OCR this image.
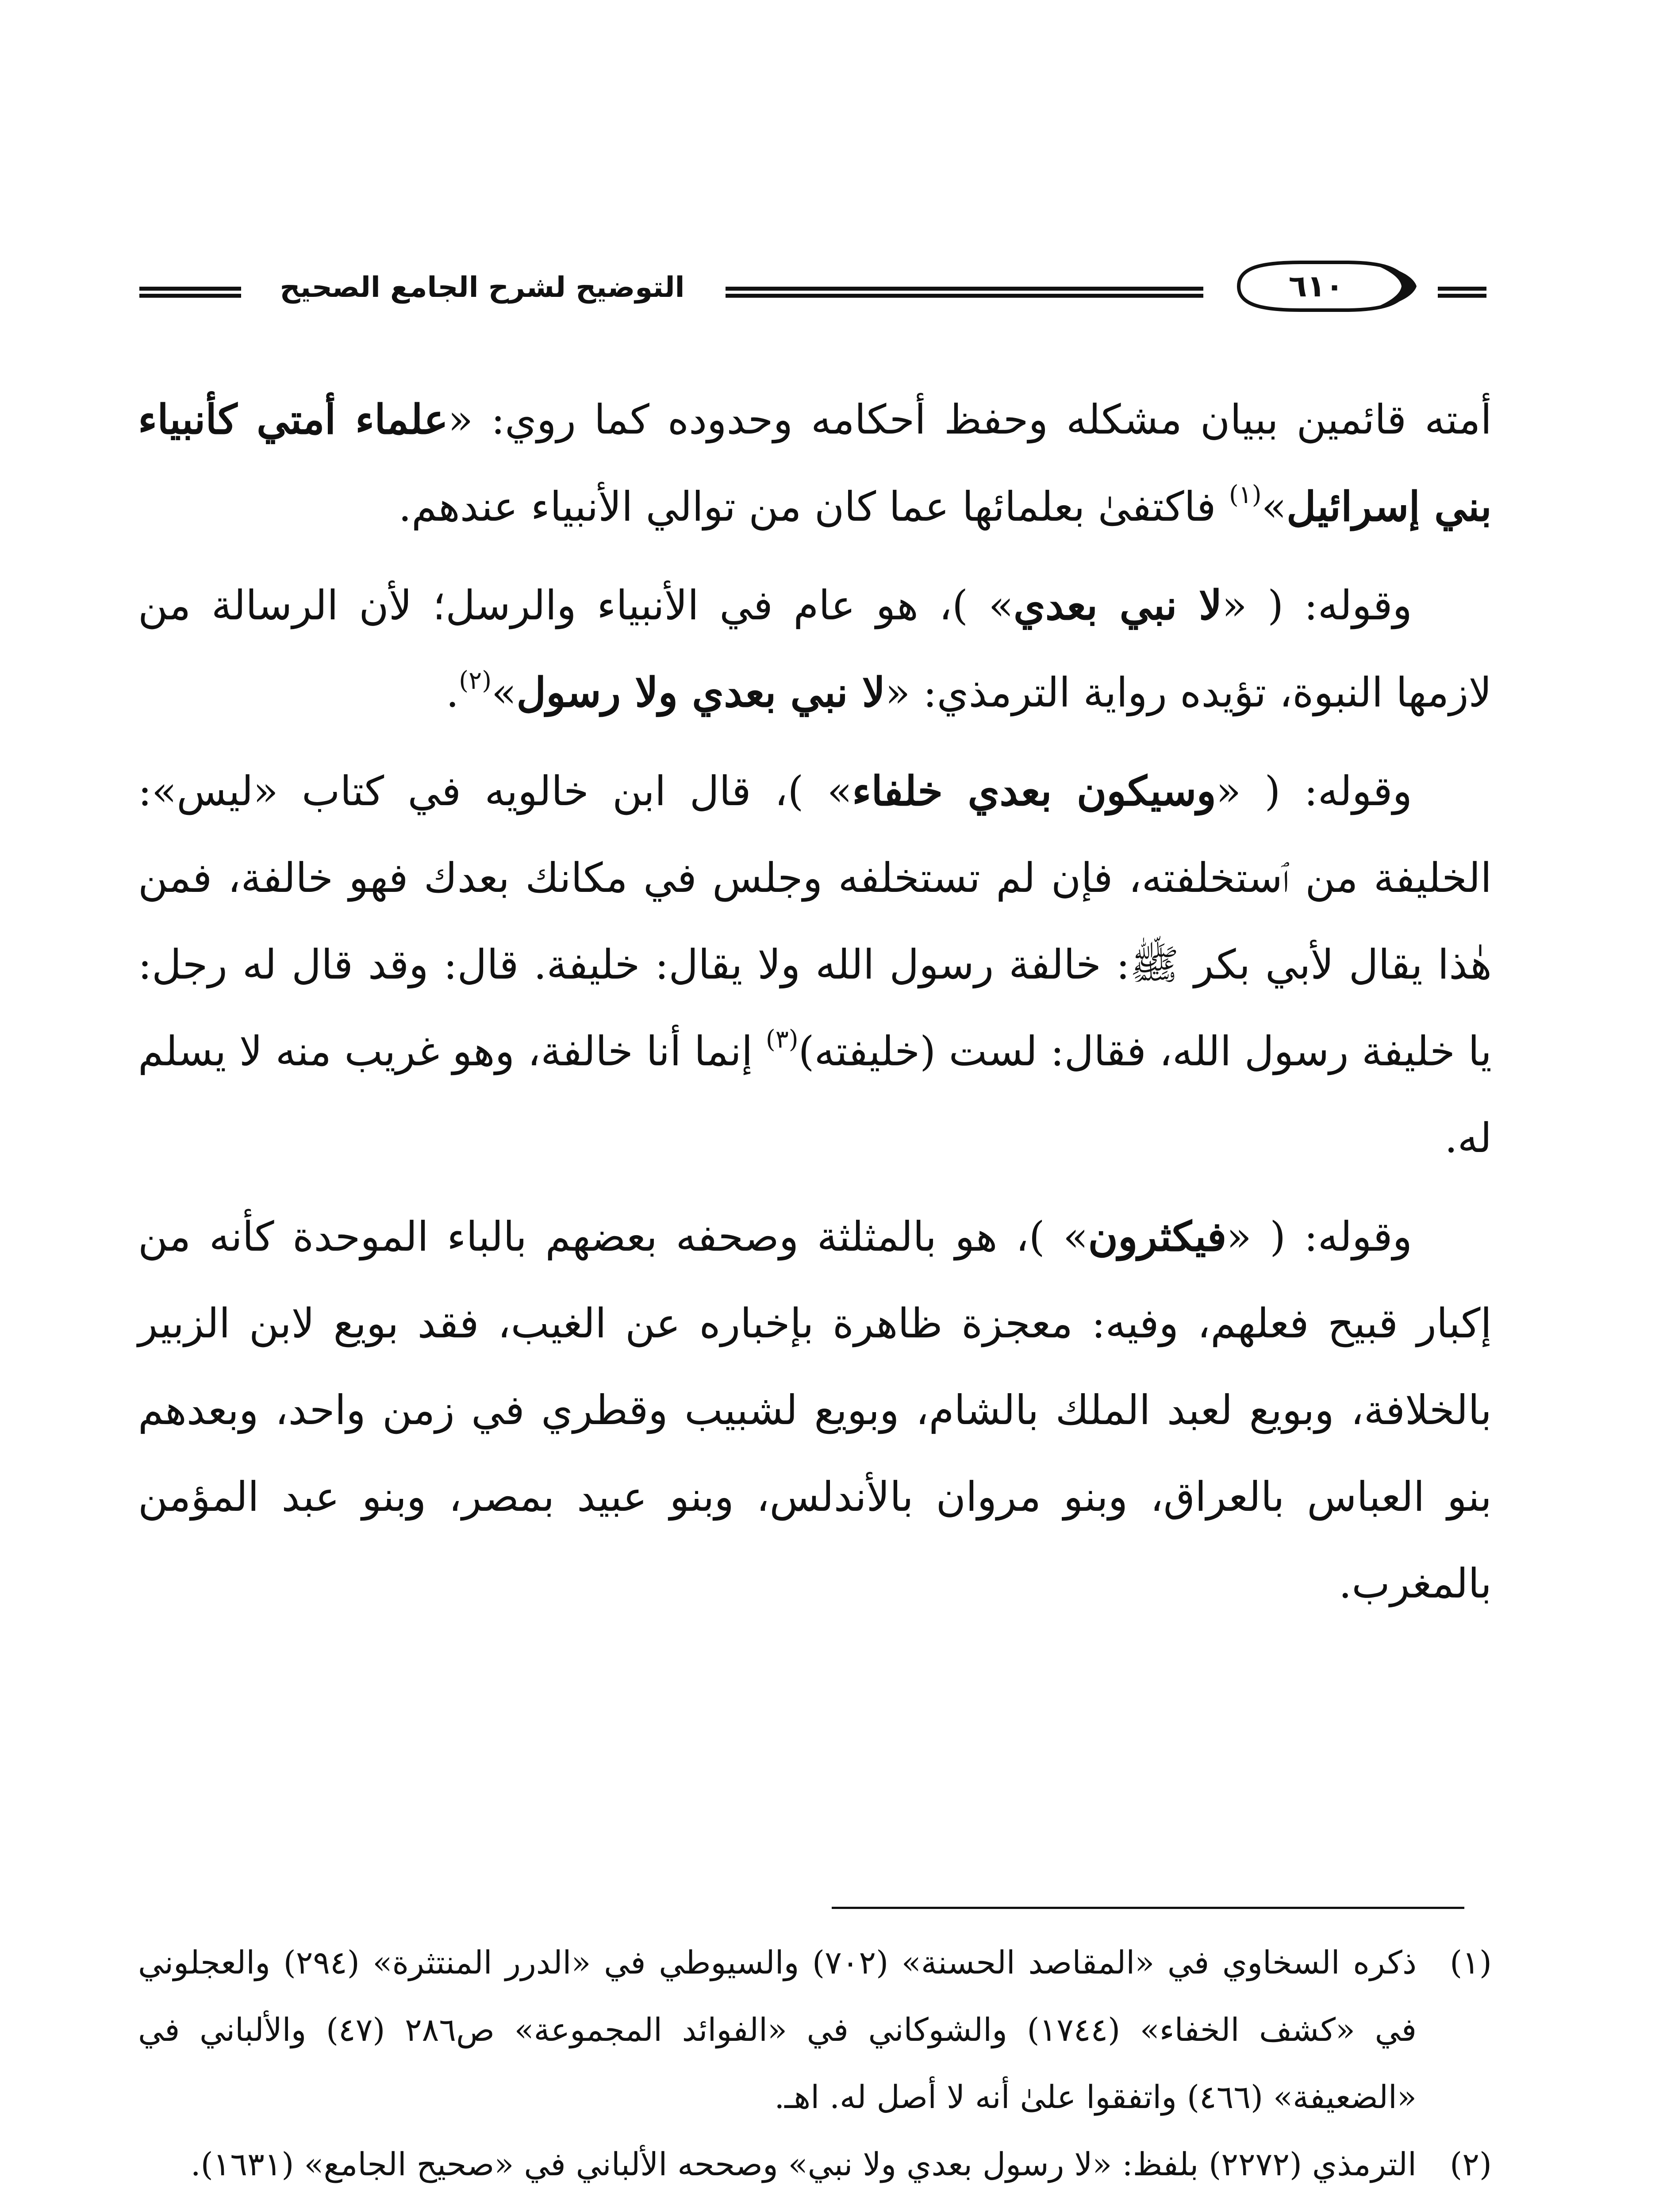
التوضيح لشرح الجامع الصحيح	٦١٠

أمته قائمين ببيان مشكله وحفظ أحكامه وحدوده كما روي: «علماء أمتي كأنبياء بني إسرائيل»$^{(١)}$ فاكتفىٰ بعلمائها عما كان من توالي الأنبياء عندهم.

وقوله: ( «لا نبي بعدي» )، هو عام في الأنبياء والرسل؛ لأن الرسالة من لازمها النبوة، تؤيده رواية الترمذي: «لا نبي بعدي ولا رسول»$^{(٢)}$.

وقوله: ( «وسيكون بعدي خلفاء» )، قال ابن خالويه في كتاب «ليس»: الخليفة من ٱستخلفته، فإن لم تستخلفه وجلس في مكانك بعدك فهو خالفة، فمن هٰذا يقال لأبي بكر ﷺ: خالفة رسول الله ولا يقال: خليفة. قال: وقد قال له رجل: يا خليفة رسول الله، فقال: لست (خليفته)$^{(٣)}$ إنما أنا خالفة، وهو غريب منه لا يسلم له.

وقوله: ( «فيكثرون» )، هو بالمثلثة وصحفه بعضهم بالباء الموحدة كأنه من إكبار قبيح فعلهم، وفيه: معجزة ظاهرة بإخباره عن الغيب، فقد بويع لابن الزبير بالخلافة، وبويع لعبد الملك بالشام، وبويع لشبيب وقطري في زمن واحد، وبعدهم بنو العباس بالعراق، وبنو مروان بالأندلس، وبنو عبيد بمصر، وبنو عبد المؤمن بالمغرب.

(١)
ذكره السخاوي في «المقاصد الحسنة» (٧٠٢) والسيوطي في «الدرر المنتثرة» (٢٩٤) والعجلوني في «كشف الخفاء» (١٧٤٤) والشوكاني في «الفوائد المجموعة» ص٢٨٦ (٤٧) والألباني في «الضعيفة» (٤٦٦) واتفقوا علىٰ أنه لا أصل له. اهـ.
(٢)
الترمذي (٢٢٧٢) بلفظ: «لا رسول بعدي ولا نبي» وصححه الألباني في «صحيح الجامع» (١٦٣١).
